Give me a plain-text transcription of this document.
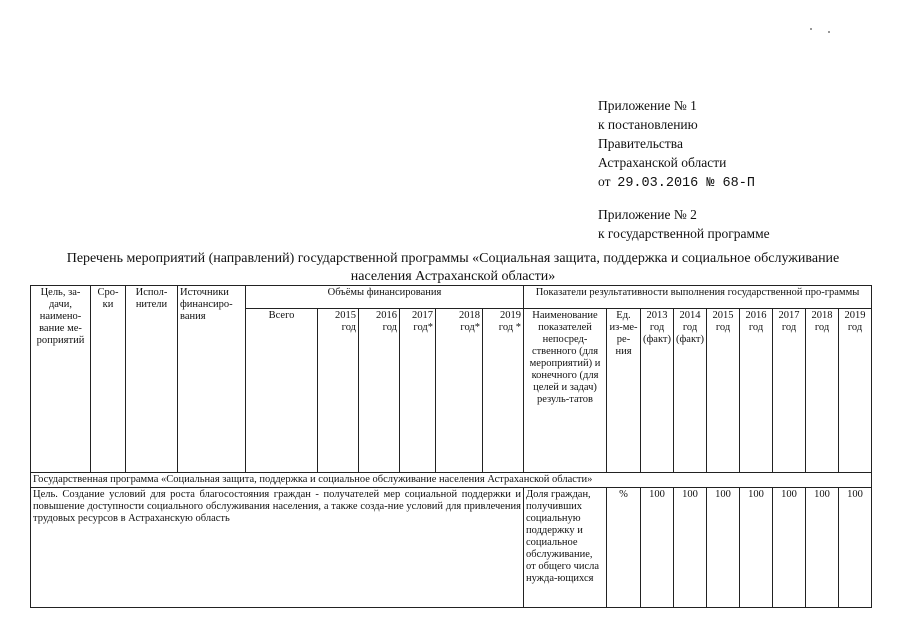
Приложение № 1
к постановлению
Правительства
Астраханской области
от 29.03.2016 № 68-П
Приложение № 2
к государственной программе
Перечень мероприятий (направлений) государственной программы «Социальная защита, поддержка и социальное обслуживание
населения Астраханской области»
Цель, за-дачи, наимено-вание ме-роприятий	Сро-ки	Испол-нители	Источники финансиро-вания	Объёмы финансирования						Показатели результативности выполнения государственной про-граммы								
				Всего	2015 год	2016 год	2017 год*	2018 год*	2019 год *	Наименование показателей непосред-ственного (для мероприятий) и конечного (для целей и задач) резуль-татов	Ед. из-ме-ре-ния	2013 год (факт)	2014 год (факт)	2015 год	2016 год	2017 год	2018 год	2019 год
Государственная программа «Социальная защита, поддержка и социальное обслуживание населения Астраханской области»																		
Цель. Создание условий для роста благосостояния граждан - получателей мер социальной поддержки и повышение доступности социального обслуживания населения, а также созда-ние условий для привлечения трудовых ресурсов в Астраханскую область										Доля граждан, получивших социальную поддержку и социальное обслуживание, от общего числа нужда-ющихся	%	100	100	100	100	100	100	100
